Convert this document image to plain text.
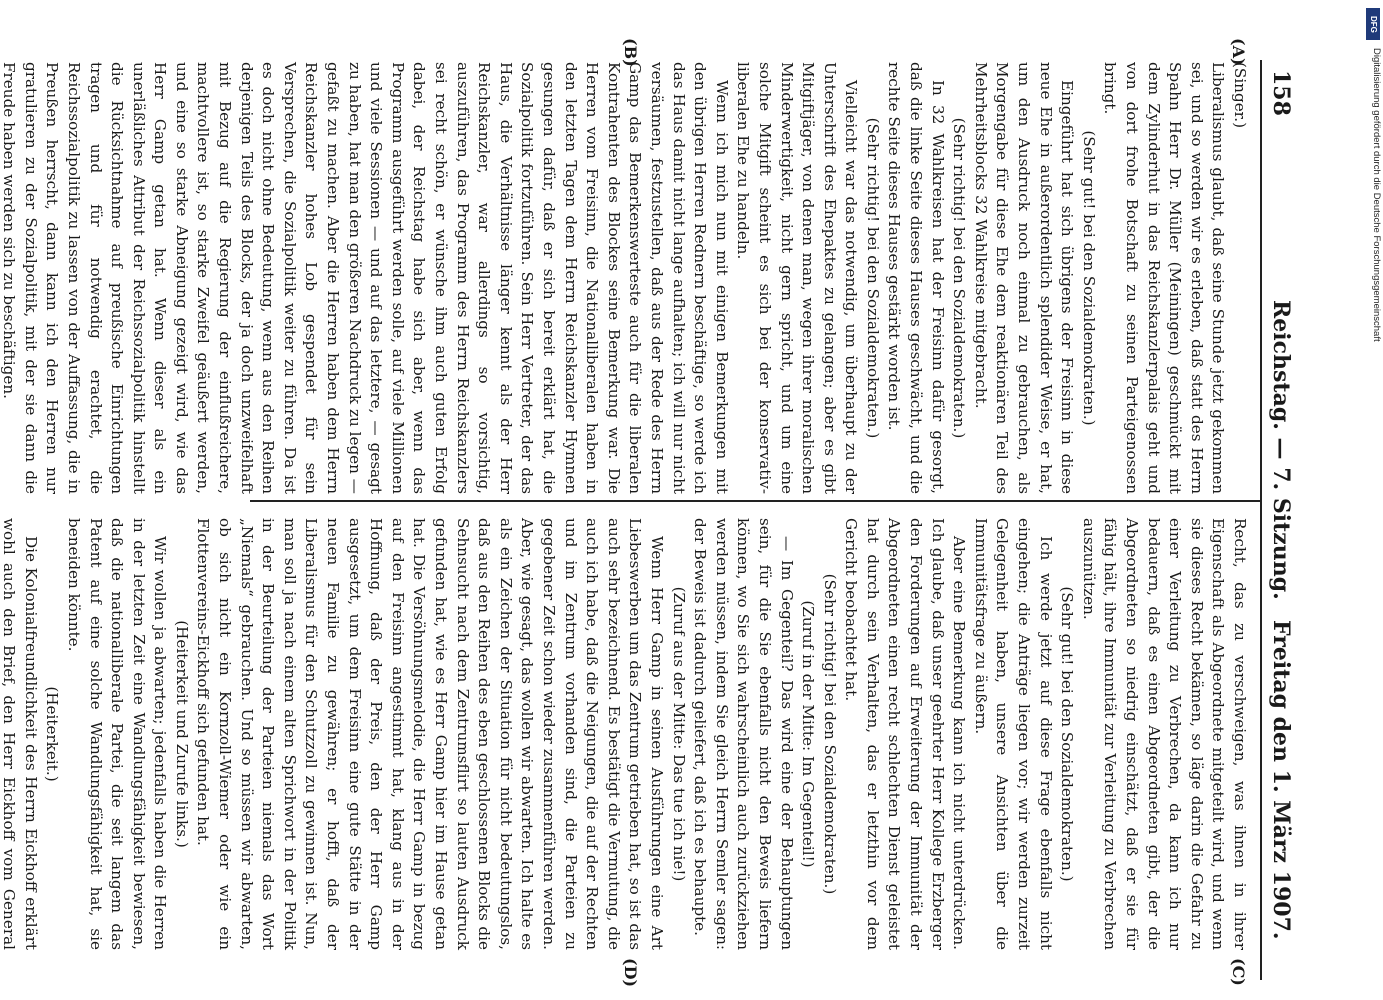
158
Reichstag. — 7. Sitzung.
Freitag den 1. März 1907.
(A)
(B)
(C)
(D)

(Singer.)

Liberalismus glaubt, daß seine Stunde jetzt gekommen sei, und so werden wir es erleben, daß statt des Herrn Spahn Herr Dr. Müller (Meiningen) geschmückt mit dem Zylinderhut in das Reichskanzlerpalais geht und von dort frohe Botschaft zu seinen Parteigenossen bringt.

(Sehr gut! bei den Sozialdemokraten.)

Eingeführt hat sich übrigens der Freisinn in diese neue Ehe in außerordentlich splendider Weise, er hat, um den Ausdruck noch einmal zu gebrauchen, als Morgengabe für diese Ehe dem reaktionären Teil des Mehrheitsblocks 32 Wahlkreise mitgebracht.

(Sehr richtig! bei den Sozialdemokraten.)

In 32 Wahlkreisen hat der Freisinn dafür gesorgt, daß die linke Seite dieses Hauses geschwächt, und die rechte Seite dieses Hauses gestärkt worden ist.

(Sehr richtig! bei den Sozialdemokraten.)

Vielleicht war das notwendig, um überhaupt zu der Unterschrift des Ehepaktes zu gelangen; aber es gibt Mitgiftjäger, von denen man, wegen ihrer moralischen Minderwertigkeit, nicht gern spricht, und um eine solche Mitgift scheint es sich bei der konservativ-liberalen Ehe zu handeln.

Wenn ich mich nun mit einigen Bemerkungen mit den übrigen Herren Rednern beschäftige, so werde ich das Haus damit nicht lange aufhalten; ich will nur nicht versäumen, festzustellen, daß aus der Rede des Herrn Gamp das Bemerkenswerteste auch für die liberalen Kontrahenten des Blockes seine Bemerkung war. Die Herren vom Freisinn, die Nationalliberalen haben in den letzten Tagen dem Herrn Reichskanzler Hymnen gesungen dafür, daß er sich bereit erklärt hat, die Sozialpolitik fortzuführen. Sein Herr Vertreter, der das Haus, die Verhältnisse länger kennt als der Herr Reichskanzler, war allerdings so vorsichtig, auszuführen, das Programm des Herrn Reichskanzlers sei recht schön, er wünsche ihm auch guten Erfolg dabei, der Reichstag habe sich aber, wenn das Programm ausgeführt werden solle, auf viele Millionen und viele Sessionen — und auf das letztere, — gesagt zu haben, hat man den größeren Nachdruck zu legen — gefaßt zu machen. Aber die Herren haben dem Herrn Reichskanzler hohes Lob gespendet für sein Versprechen, die Sozialpolitik weiter zu führen. Da ist es doch nicht ohne Bedeutung, wenn aus den Reihen derjenigen Teils des Blocks, der ja doch unzweifelhaft mit Bezug auf die Regierung der einflußreichere, machtvollere ist, so starke Zweifel geäußert werden, und eine so starke Abneigung gezeigt wird, wie das Herr Gamp getan hat. Wenn dieser als ein unerläßliches Attribut der Reichssozialpolitik hinstellt die Rücksichtnahme auf preußische Einrichtungen tragen und für notwendig erachtet, die Reichssozialpolitik zu lassen von der Auffassung, die in Preußen herrscht, dann kann ich den Herren nur gratulieren zu der Sozialpolitik, mit der sie dann die Freude haben werden sich zu beschäftigen.

Recht, das zu verschweigen, was ihnen in ihrer Eigenschaft als Abgeordnete mitgeteilt wird, und wenn sie dieses Recht bekämen, so läge darin die Gefahr zu einer Verleitung zu Verbrechen, da kann ich nur bedauern, daß es einen Abgeordneten gibt, der die Abgeordneten so niedrig einschätzt, daß er sie für fähig hält, ihre Immunität zur Verleitung zu Verbrechen auszunützen.

(Sehr gut! bei den Sozialdemokraten.)

Ich werde jetzt auf diese Frage ebenfalls nicht eingehen; die Anträge liegen vor; wir werden zurzeit Gelegenheit haben, unsere Ansichten über die Immunitätsfrage zu äußern.

Aber eine Bemerkung kann ich nicht unterdrücken. Ich glaube, daß unser geehrter Herr Kollege Erzberger den Forderungen auf Erweiterung der Immunität der Abgeordneten einen recht schlechten Dienst geleistet hat durch sein Verhalten, das er letzthin vor dem Gericht beobachtet hat.

(Sehr richtig! bei den Sozialdemokraten.)

(Zuruf in der Mitte: Im Gegenteil!)

— Im Gegenteil? Das wird eine der Behauptungen sein, für die Sie ebenfalls nicht den Beweis liefern können, wo Sie sich wahrscheinlich auch zurückziehen werden müssen, indem Sie gleich Herrn Semler sagen: der Beweis ist dadurch geliefert, daß ich es behaupte.

(Zuruf aus der Mitte: Das tue ich nie!)

Wenn Herr Gamp in seinen Ausführungen eine Art Liebeswerben um das Zentrum getrieben hat, so ist das auch sehr bezeichnend. Es bestätigt die Vermutung, die auch ich habe, daß die Neigungen, die auf der Rechten und im Zentrum vorhanden sind, die Parteien zu gegebener Zeit schon wieder zusammenführen werden. Aber, wie gesagt, das wollen wir abwarten. Ich halte es als ein Zeichen der Situation für nicht bedeutungslos, daß aus den Reihen des eben geschlossenen Blocks die Sehnsucht nach dem Zentrumsflirt so lauten Ausdruck gefunden hat, wie es Herr Gamp hier im Hause getan hat. Die Versöhnungsmelodie, die Herr Gamp in bezug auf den Freisinn angestimmt hat, klang aus in der Hoffnung, daß der Preis, den der Herr Gamp ausgesetzt, um dem Freisinn eine gute Stätte in der neuen Familie zu gewähren; er hofft, daß der Liberalismus für den Schutzzoll zu gewinnen ist. Nun, man soll ja nach einem alten Sprichwort in der Politik in der Beurteilung der Parteien niemals das Wort „Niemals“ gebrauchen. Und so müssen wir abwarten, ob sich nicht ein Kornzoll-Wiemer oder wie ein Flottenvereins-Eickhoff sich gefunden hat.

(Heiterkeit und Zurufe links.)

Wir wollen ja abwarten; jedenfalls haben die Herren in der letzten Zeit eine Wandlungsfähigkeit bewiesen, daß die nationalliberale Partei, die seit langem das Patent auf eine solche Wandlungsfähigkeit hat, sie beneiden könnte.

(Heiterkeit.)

Die Kolonialfreundlichkeit des Herrn Eickhoff erklärt wohl auch den Brief, den Herr Eickhoff vom General

DFG
Digitalisierung gefördert durch die Deutsche Forschungsgemeinschaft
